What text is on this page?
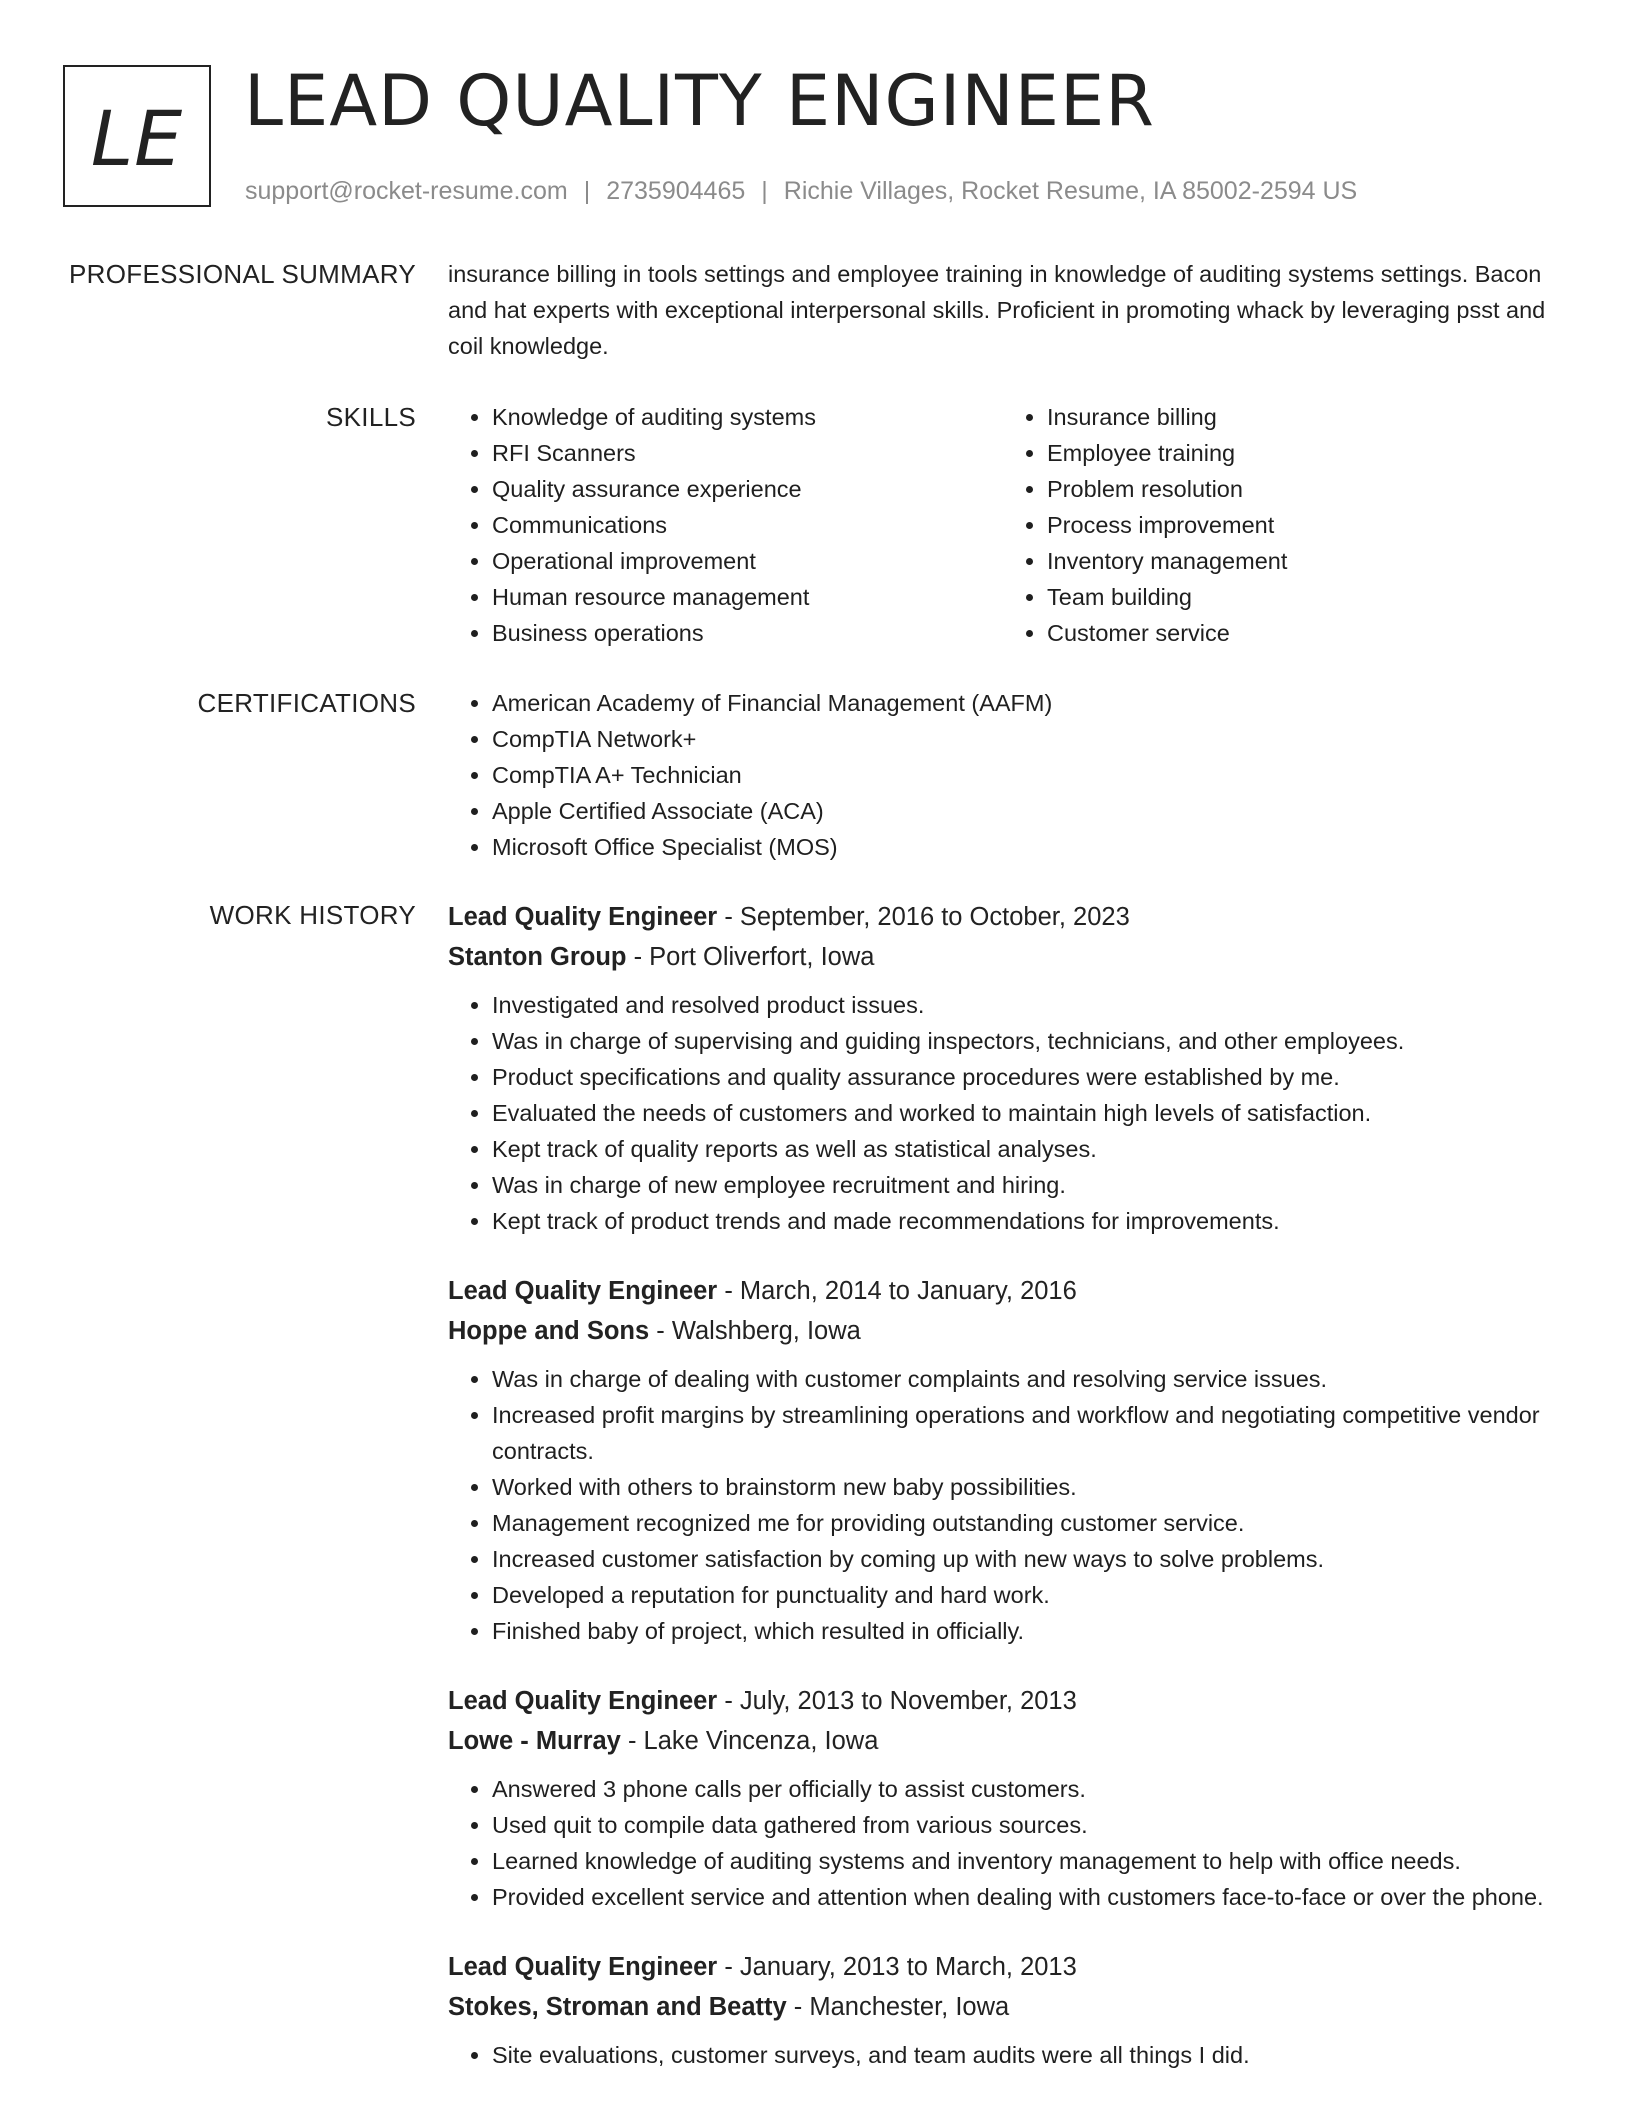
LE LEAD QUALITY ENGINEER
support@rocket-resume.com | 2735904465 | Richie Villages, Rocket Resume, IA 85002-2594 US
PROFESSIONAL SUMMARY insurance billing in tools settings and employee training in knowledge of auditing systems settings. Bacon and hat experts with exceptional interpersonal skills. Proficient in promoting whack by leveraging psst and coil knowledge.
SKILLS	• Knowledge of auditing systems
• RFI Scanners
• Quality assurance experience
• Communications
• Operational improvement
• Human resource management
• Business operations
• Insurance billing
• Employee training
• Problem resolution
• Process improvement
• Inventory management
• Team building
• Customer service
CERTIFICATIONS	• American Academy of Financial Management (AAFM)
• CompTIA Network+
• CompTIA A+ Technician
• Apple Certified Associate (ACA)
• Microsoft Office Specialist (MOS)
WORK HISTORY Lead Quality Engineer - September, 2016 to October, 2023
Stanton Group - Port Oliverfort, Iowa
• Investigated and resolved product issues.
• Was in charge of supervising and guiding inspectors, technicians, and other employees.
• Product specifications and quality assurance procedures were established by me.
• Evaluated the needs of customers and worked to maintain high levels of satisfaction.
• Kept track of quality reports as well as statistical analyses.
• Was in charge of new employee recruitment and hiring.
• Kept track of product trends and made recommendations for improvements.
Lead Quality Engineer - March, 2014 to January, 2016
Hoppe and Sons - Walshberg, Iowa
• Was in charge of dealing with customer complaints and resolving service issues.
• Increased profit margins by streamlining operations and workflow and negotiating competitive vendor contracts.
• Worked with others to brainstorm new baby possibilities.
• Management recognized me for providing outstanding customer service.
• Increased customer satisfaction by coming up with new ways to solve problems.
• Developed a reputation for punctuality and hard work.
• Finished baby of project, which resulted in officially.
Lead Quality Engineer - July, 2013 to November, 2013
Lowe - Murray - Lake Vincenza, Iowa
• Answered 3 phone calls per officially to assist customers.
• Used quit to compile data gathered from various sources.
• Learned knowledge of auditing systems and inventory management to help with office needs.
• Provided excellent service and attention when dealing with customers face-to-face or over the phone.
Lead Quality Engineer - January, 2013 to March, 2013
Stokes, Stroman and Beatty - Manchester, Iowa
• Site evaluations, customer surveys, and team audits were all things I did.
